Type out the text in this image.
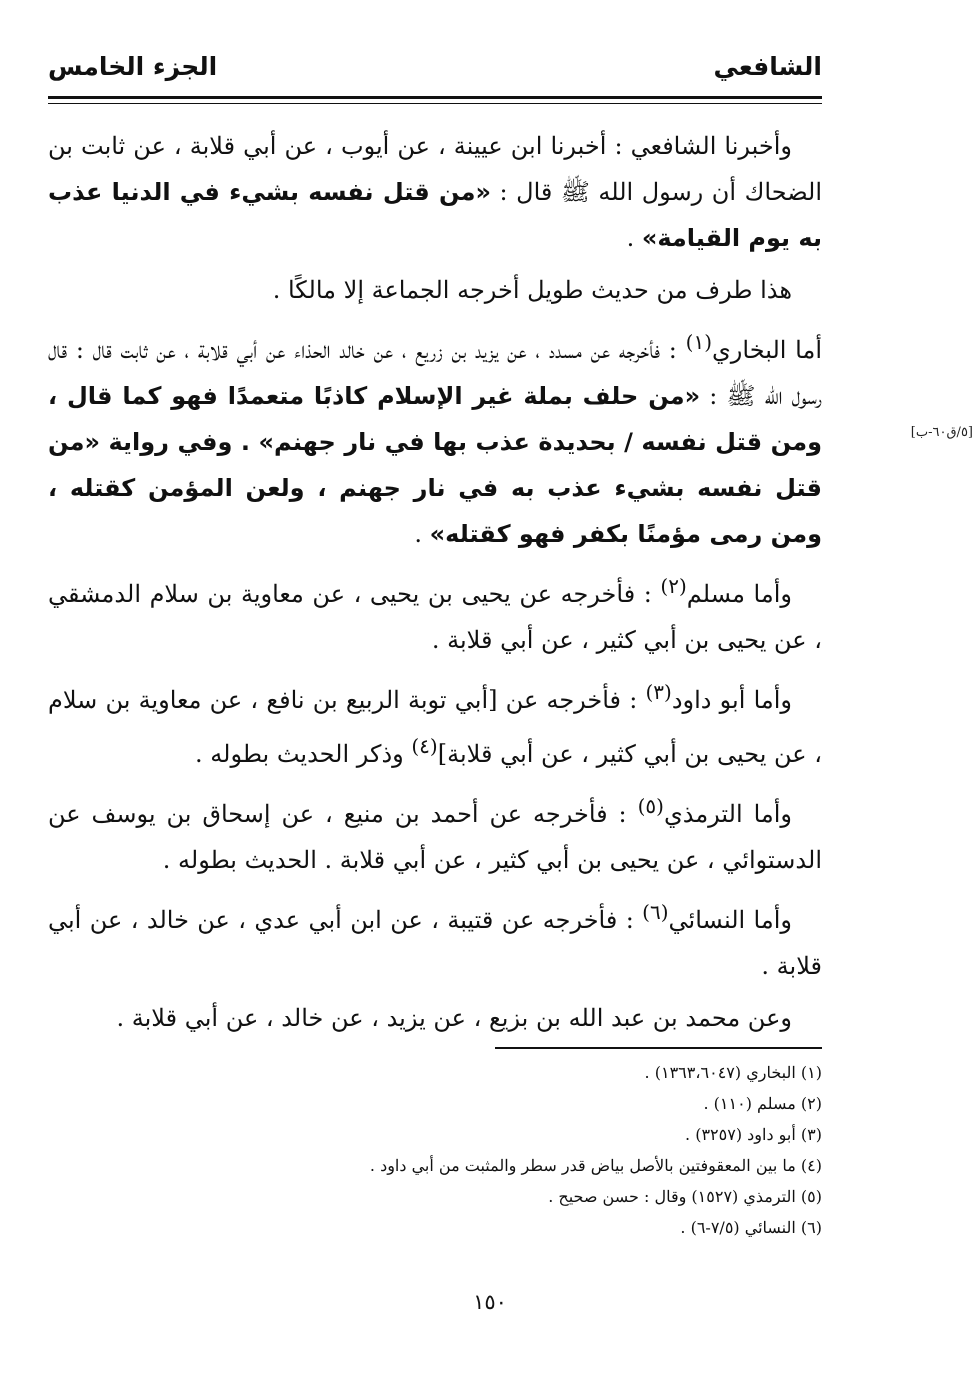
الشافعي
الجزء الخامس

وأخبرنا الشافعي : أخبرنا ابن عيينة ، عن أيوب ، عن أبي قلابة ، عن ثابت بن الضحاك أن رسول الله ﷺ قال : «من قتل نفسه بشيء في الدنيا عذب به يوم القيامة» .

هذا طرف من حديث طويل أخرجه الجماعة إلا مالكًا .

أما البخاري$^{(١)}$ : فأخرجه عن مسدد ، عن يزيد بن زريع ، عن خالد الحذاء عن أبي قلابة ، عن ثابت قال : قال رسول الله ﷺ : «من حلف بملة غير الإسلام كاذبًا متعمدًا فهو كما قال ، ومن قتل نفسه / بحديدة عذب بها في نار جهنم» . وفي رواية «من قتل نفسه بشيء عذب به في نار جهنم ، ولعن المؤمن كقتله ، ومن رمى مؤمنًا بكفر فهو كقتله» .

وأما مسلم$^{(٢)}$ : فأخرجه عن يحيى بن يحيى ، عن معاوية بن سلام الدمشقي ، عن يحيى بن أبي كثير ، عن أبي قلابة .

وأما أبو داود$^{(٣)}$ : فأخرجه عن [أبي توبة الربيع بن نافع ، عن معاوية بن سلام ، عن يحيى بن أبي كثير ، عن أبي قلابة]$^{(٤)}$ وذكر الحديث بطوله .

وأما الترمذي$^{(٥)}$ : فأخرجه عن أحمد بن منيع ، عن إسحاق بن يوسف عن الدستوائي ، عن يحيى بن أبي كثير ، عن أبي قلابة . الحديث بطوله .

وأما النسائي$^{(٦)}$ : فأخرجه عن قتيبة ، عن ابن أبي عدي ، عن خالد ، عن أبي قلابة .

وعن محمد بن عبد الله بن بزيع ، عن يزيد ، عن خالد ، عن أبي قلابة .

[٥/ق٦٠-ب]
(١) البخاري (١٣٦٣،٦٠٤٧) .
(٢) مسلم (١١٠) .
(٣) أبو داود (٣٢٥٧) .
(٤) ما بين المعقوفتين بالأصل بياض قدر سطر والمثبت من أبي داود .
(٥) الترمذي (١٥٢٧) وقال : حسن صحيح .
(٦) النسائي (٧/٥-٦) .
١٥٠
